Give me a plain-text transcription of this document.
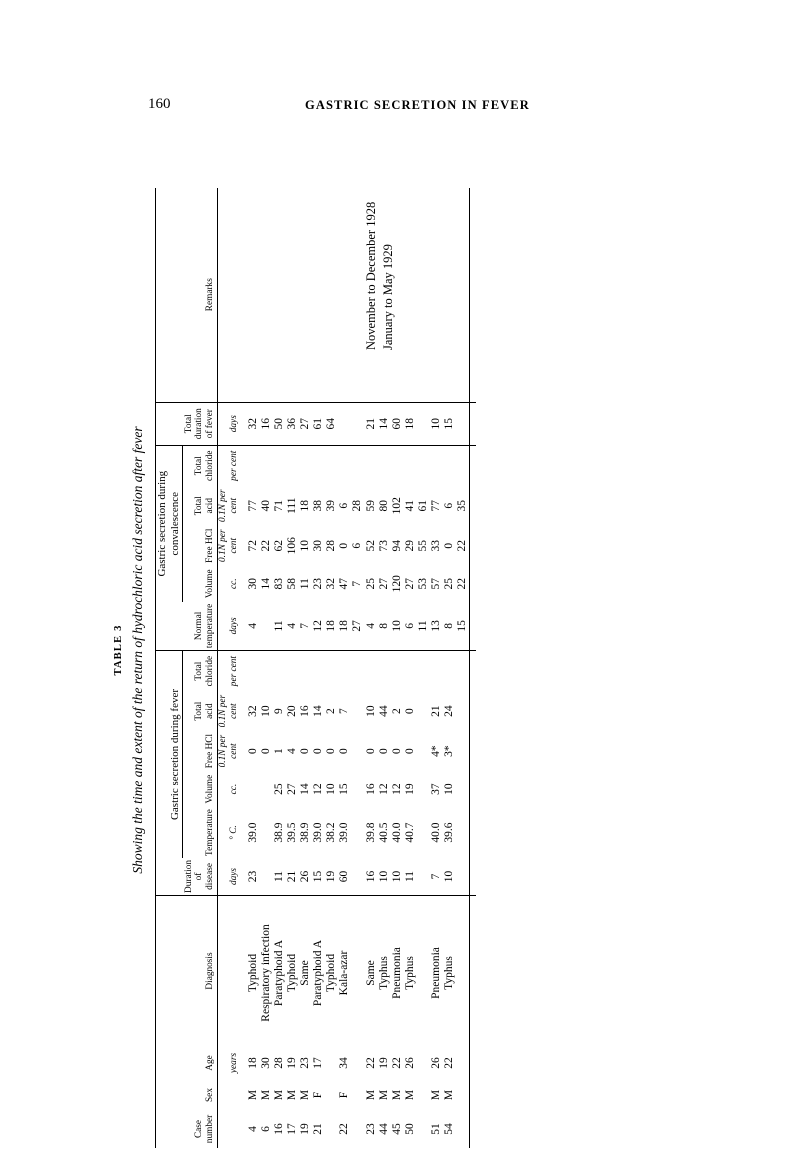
160	GASTRIC SECRETION IN FEVER
TABLE 3 Showing the time and extent of the return of hydrochloric acid secretion after fever
					Gastric secretion during fever						Gastric secretion during convalescence					

Case number	Sex	Age	Diagnosis	Duration of disease	Temperature	Volume	Free HCl	Total acid	Total chloride	Normal temperature	Volume	Free HCl	Total acid	Total chloride	Total duration of fever	Remarks
		years		days	° C.	cc.	0.1N per cent	0.1N per cent	per cent	days	cc.	0.1N per cent	0.1N per cent	per cent	days	

4	M	18	Typhoid	23	39.0		0	32		4	30	72	77		32	
6	M	30	Respiratory infection				0	10			14	22	40		16	
16	M	28	Paratyphoid A	11	38.9	25	1	9		11	83	62	71		50	
17	M	19	Typhoid	21	39.5	27	4	20		4	58	106	111		36	
19	M	23	Same	26	38.9	14	0	16		7	11	10	18		27	
21	F	17	Paratyphoid A	15	39.0	12	0	14		12	23	30	38		61	
			Typhoid	19	38.2	10	0	2		18	32	28	39		64	
22	F	34	Kala-azar	60	39.0	15	0	7		18	47	0	6			
										27	7	6	28			
23	M	22	Same	16	39.8	16	0	10		4	25	52	59		21	
44	M	19	Typhus	10	40.5	12	0	44		8	27	73	80		14	
45	M	22	Pneumonia	10	40.0	12	0	2		10	120	94	102		60	
50	M	26	Typhus	11	40.7	19	0	0		6	27	29	41		18	
										11	53	55	61			
51	M	26	Pneumonia	7	40.0	37	4*	21		13	57	33	77		10	
54	M	22	Typhus	10	39.6	10	3*	24		8	25	0	6		15	
										15	22	22	35			

November to December 1928 January to May 1929
